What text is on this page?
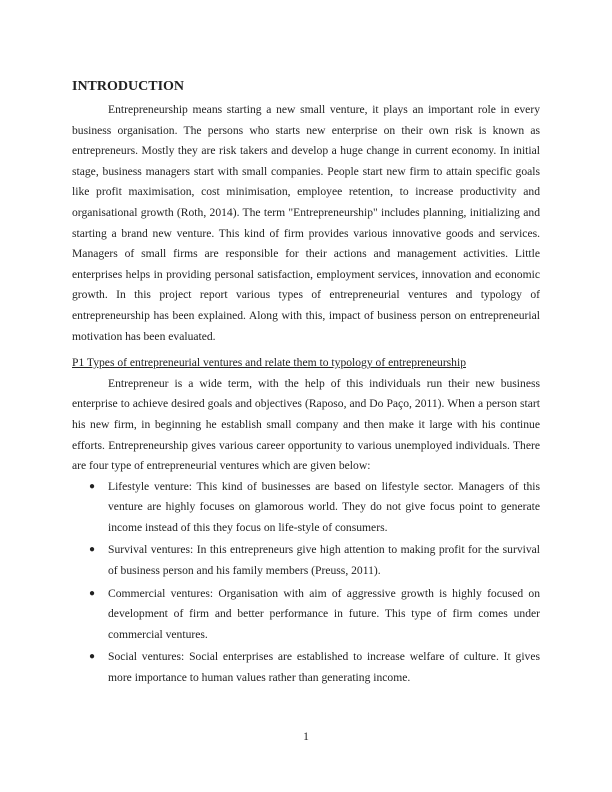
INTRODUCTION

Entrepreneurship means starting a new small venture, it plays an important role in every business organisation. The persons who starts new enterprise on their own risk is known as entrepreneurs. Mostly they are risk takers and develop a huge change in current economy. In initial stage, business managers start with small companies. People start new firm to attain specific goals like profit maximisation, cost minimisation, employee retention, to increase productivity and organisational growth (Roth, 2014). The term "Entrepreneurship" includes planning, initializing and starting a brand new venture. This kind of firm provides various innovative goods and services. Managers of small firms are responsible for their actions and management activities. Little enterprises helps in providing personal satisfaction, employment services, innovation and economic growth. In this project report various types of entrepreneurial ventures and typology of entrepreneurship has been explained. Along with this, impact of business person on entrepreneurial motivation has been evaluated.

P1 Types of entrepreneurial ventures and relate them to typology of entrepreneurship

Entrepreneur is a wide term, with the help of this individuals run their new business enterprise to achieve desired goals and objectives (Raposo, and Do Paço, 2011). When a person start his new firm, in beginning he establish small company and then make it large with his continue efforts. Entrepreneurship gives various career opportunity to various unemployed individuals. There are four type of entrepreneurial ventures which are given below:

● Lifestyle venture: This kind of businesses are based on lifestyle sector. Managers of this venture are highly focuses on glamorous world. They do not give focus point to generate income instead of this they focus on life-style of consumers.

● Survival ventures: In this entrepreneurs give high attention to making profit for the survival of business person and his family members (Preuss, 2011).

● Commercial ventures: Organisation with aim of aggressive growth is highly focused on development of firm and better performance in future. This type of firm comes under commercial ventures.

● Social ventures: Social enterprises are established to increase welfare of culture. It gives more importance to human values rather than generating income.

1
